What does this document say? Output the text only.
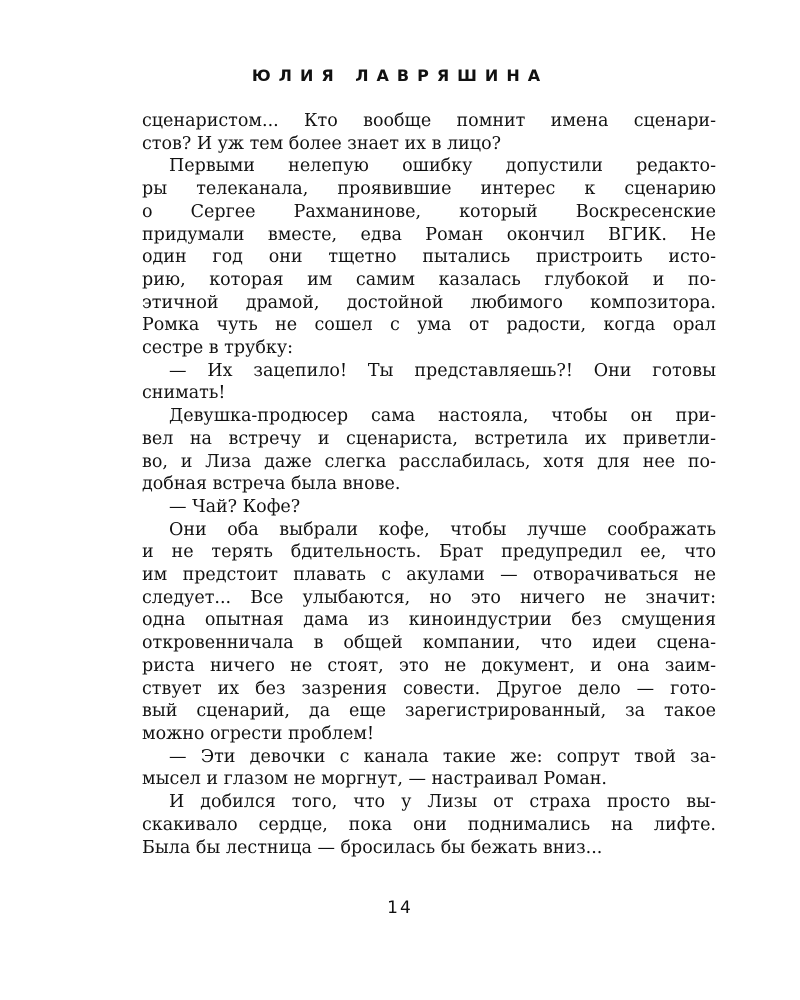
ЮЛИЯ ЛАВРЯШИНА
сценаристом... Кто вообще помнит имена сценари-
стов? И уж тем более знает их в лицо?
Первыми нелепую ошибку допустили редакто-
ры телеканала, проявившие интерес к сценарию
о Сергее Рахманинове, который Воскресенские
придумали вместе, едва Роман окончил ВГИК. Не
один год они тщетно пытались пристроить исто-
рию, которая им самим казалась глубокой и по-
этичной драмой, достойной любимого композитора.
Ромка чуть не сошел с ума от радости, когда орал
сестре в трубку:
— Их зацепило! Ты представляешь?! Они готовы
снимать!
Девушка-продюсер сама настояла, чтобы он при-
вел на встречу и сценариста, встретила их приветли-
во, и Лиза даже слегка расслабилась, хотя для нее по-
добная встреча была внове.
— Чай? Кофе?
Они оба выбрали кофе, чтобы лучше соображать
и не терять бдительность. Брат предупредил ее, что
им предстоит плавать с акулами — отворачиваться не
следует... Все улыбаются, но это ничего не значит:
одна опытная дама из киноиндустрии без смущения
откровенничала в общей компании, что идеи сцена-
риста ничего не стоят, это не документ, и она заим-
ствует их без зазрения совести. Другое дело — гото-
вый сценарий, да еще зарегистрированный, за такое
можно огрести проблем!
— Эти девочки с канала такие же: сопрут твой за-
мысел и глазом не моргнут, — настраивал Роман.
И добился того, что у Лизы от страха просто вы-
скакивало сердце, пока они поднимались на лифте.
Была бы лестница — бросилась бы бежать вниз...
14
